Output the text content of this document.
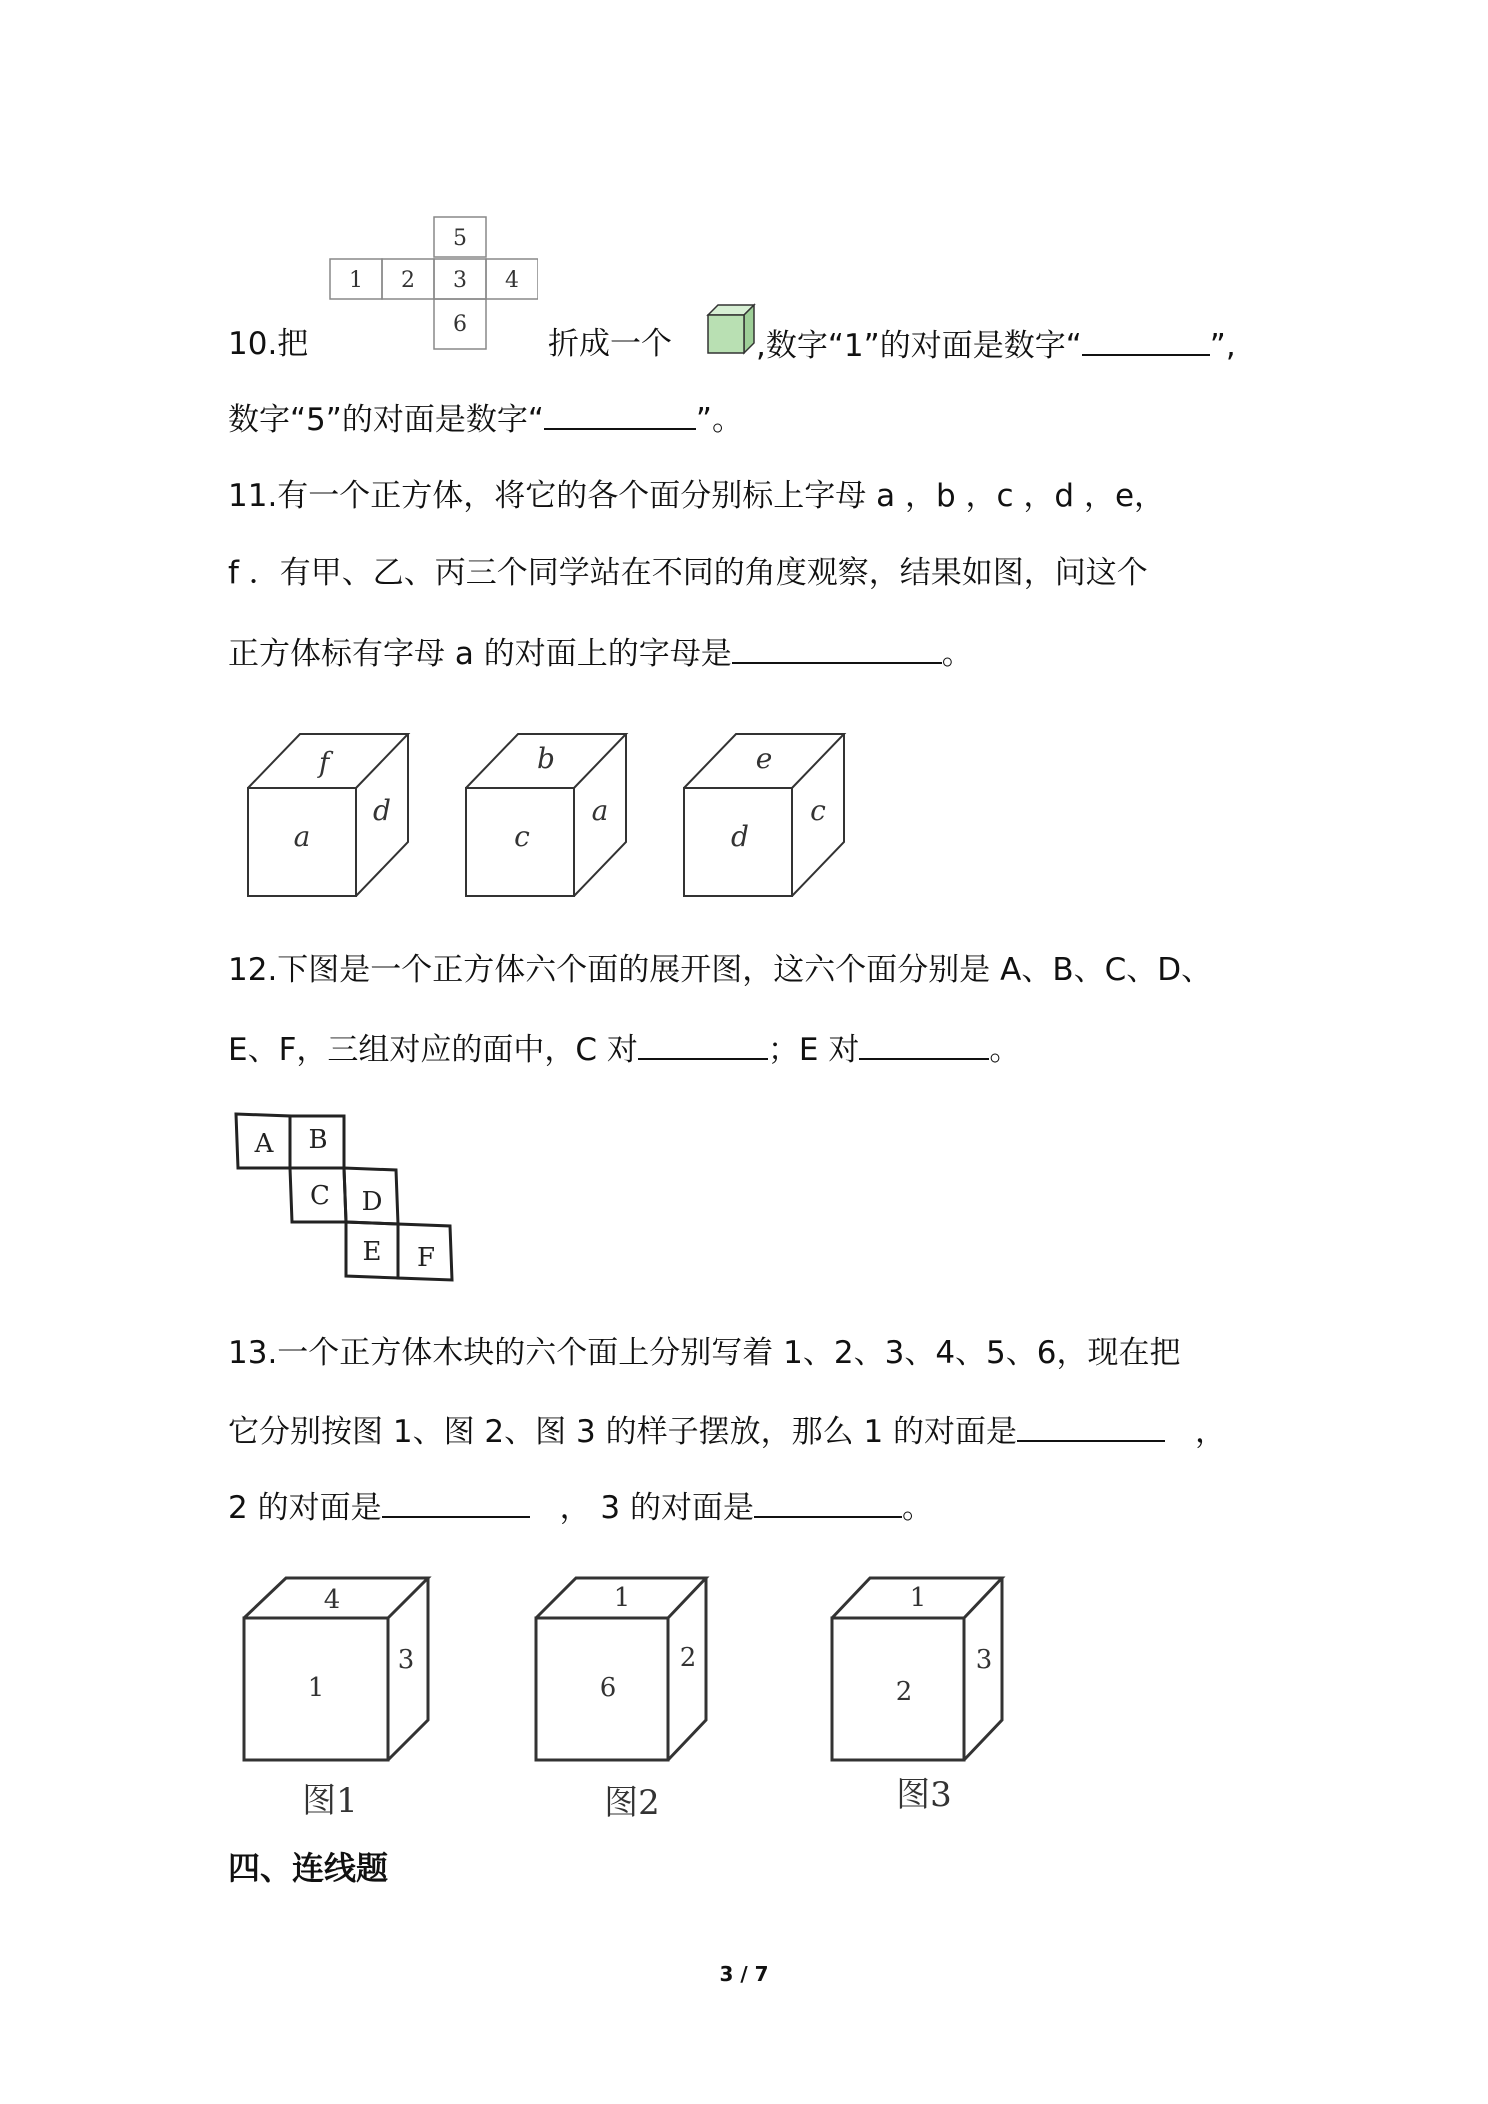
1 2 3 4
5
6
10.把	折成一个	,数字“1”的对面是数字“	”,
数字“5”的对面是数字“	”。
11.有一个正方体，将它的各个面分别标上字母 a ，b ，c ，d ，e，
f ．有甲、乙、丙三个同学站在不同的角度观察，结果如图，问这个
正方体标有字母 a 的对面上的字母是	。
f
a
d
b
c
a
e
d
c
12.下图是一个正方体六个面的展开图，这六个面分别是 A、B、C、D、
E、F，三组对应的面中，C 对	；E 对	。
A B
C D
E F
13.一个正方体木块的六个面上分别写着 1、2、3、4、5、6，现在把
它分别按图 1、图 2、图 3 的样子摆放，那么 1 的对面是	，
2 的对面是	， 3 的对面是	。
4
1
3
1
6
2
1
2
3
图1	图2	图3
四、连线题
3 / 7
